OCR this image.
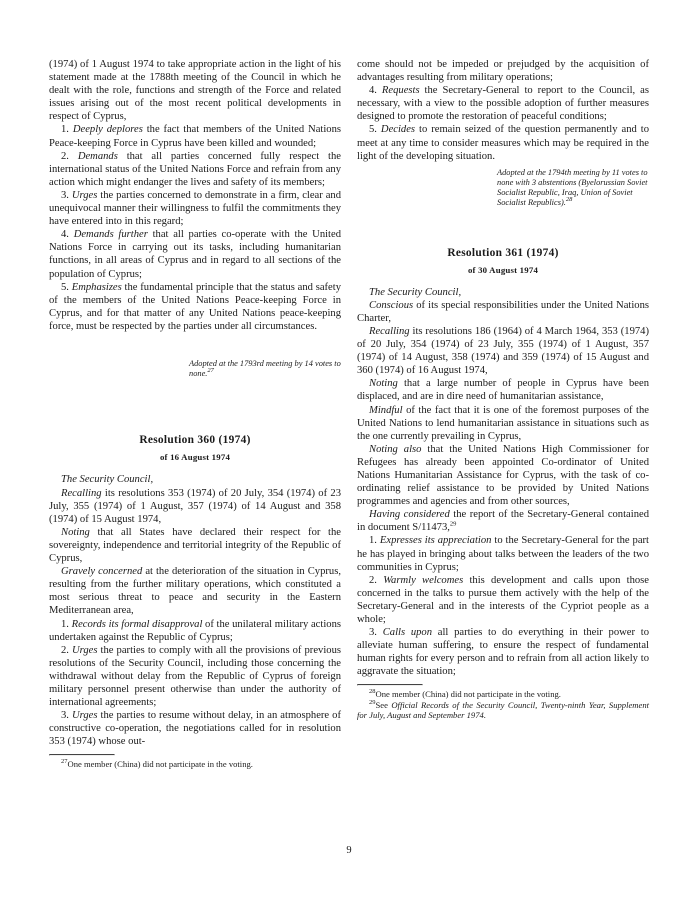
(1974) of 1 August 1974 to take appropriate action in the light of his statement made at the 1788th meeting of the Council in which he dealt with the role, functions and strength of the Force and related issues arising out of the most recent political developments in respect of Cyprus,

1. Deeply deplores the fact that members of the United Nations Peace-keeping Force in Cyprus have been killed and wounded;

2. Demands that all parties concerned fully respect the international status of the United Nations Force and refrain from any action which might endanger the lives and safety of its members;

3. Urges the parties concerned to demonstrate in a firm, clear and unequivocal manner their willingness to fulfil the commitments they have entered into in this regard;

4. Demands further that all parties co-operate with the United Nations Force in carrying out its tasks, including humanitarian functions, in all areas of Cyprus and in regard to all sections of the population of Cyprus;

5. Emphasizes the fundamental principle that the status and safety of the members of the United Nations Peace-keeping Force in Cyprus, and for that matter of any United Nations peace-keeping force, must be respected by the parties under all circumstances.

Adopted at the 1793rd meeting by 14 votes to none.$^{27}$

Resolution 360 (1974)

of 16 August 1974

The Security Council,

Recalling its resolutions 353 (1974) of 20 July, 354 (1974) of 23 July, 355 (1974) of 1 August, 357 (1974) of 14 August and 358 (1974) of 15 August 1974,

Noting that all States have declared their respect for the sovereignty, independence and territorial integrity of the Republic of Cyprus,

Gravely concerned at the deterioration of the situation in Cyprus, resulting from the further military operations, which constituted a most serious threat to peace and security in the Eastern Mediterranean area,

1. Records its formal disapproval of the unilateral military actions undertaken against the Republic of Cyprus;

2. Urges the parties to comply with all the provisions of previous resolutions of the Security Council, including those concerning the withdrawal without delay from the Republic of Cyprus of foreign military personnel present otherwise than under the authority of international agreements;

3. Urges the parties to resume without delay, in an atmosphere of constructive co-operation, the negotiations called for in resolution 353 (1974) whose out-

$^{27}$One member (China) did not participate in the voting.

come should not be impeded or prejudged by the acquisition of advantages resulting from military operations;

4. Requests the Secretary-General to report to the Council, as necessary, with a view to the possible adoption of further measures designed to promote the restoration of peaceful conditions;

5. Decides to remain seized of the question permanently and to meet at any time to consider measures which may be required in the light of the developing situation.

Adopted at the 1794th meeting by 11 votes to none with 3 abstentions (Byelorussian Soviet Socialist Republic, Iraq, Union of Soviet Socialist Republics).$^{28}$

Resolution 361 (1974)

of 30 August 1974

The Security Council,

Conscious of its special responsibilities under the United Nations Charter,

Recalling its resolutions 186 (1964) of 4 March 1964, 353 (1974) of 20 July, 354 (1974) of 23 July, 355 (1974) of 1 August, 357 (1974) of 14 August, 358 (1974) and 359 (1974) of 15 August and 360 (1974) of 16 August 1974,

Noting that a large number of people in Cyprus have been displaced, and are in dire need of humanitarian assistance,

Mindful of the fact that it is one of the foremost purposes of the United Nations to lend humanitarian assistance in situations such as the one currently prevailing in Cyprus,

Noting also that the United Nations High Commissioner for Refugees has already been appointed Co-ordinator of United Nations Humanitarian Assistance for Cyprus, with the task of co-ordinating relief assistance to be provided by United Nations programmes and agencies and from other sources,

Having considered the report of the Secretary-General contained in document S/11473,29

1. Expresses its appreciation to the Secretary-General for the part he has played in bringing about talks between the leaders of the two communities in Cyprus;

2. Warmly welcomes this development and calls upon those concerned in the talks to pursue them actively with the help of the Secretary-General and in the interests of the Cypriot people as a whole;

3. Calls upon all parties to do everything in their power to alleviate human suffering, to ensure the respect of fundamental human rights for every person and to refrain from all action likely to aggravate the situation;

$^{28}$One member (China) did not participate in the voting.

$^{29}$See Official Records of the Security Council, Twenty-ninth Year, Supplement for July, August and September 1974.

9
